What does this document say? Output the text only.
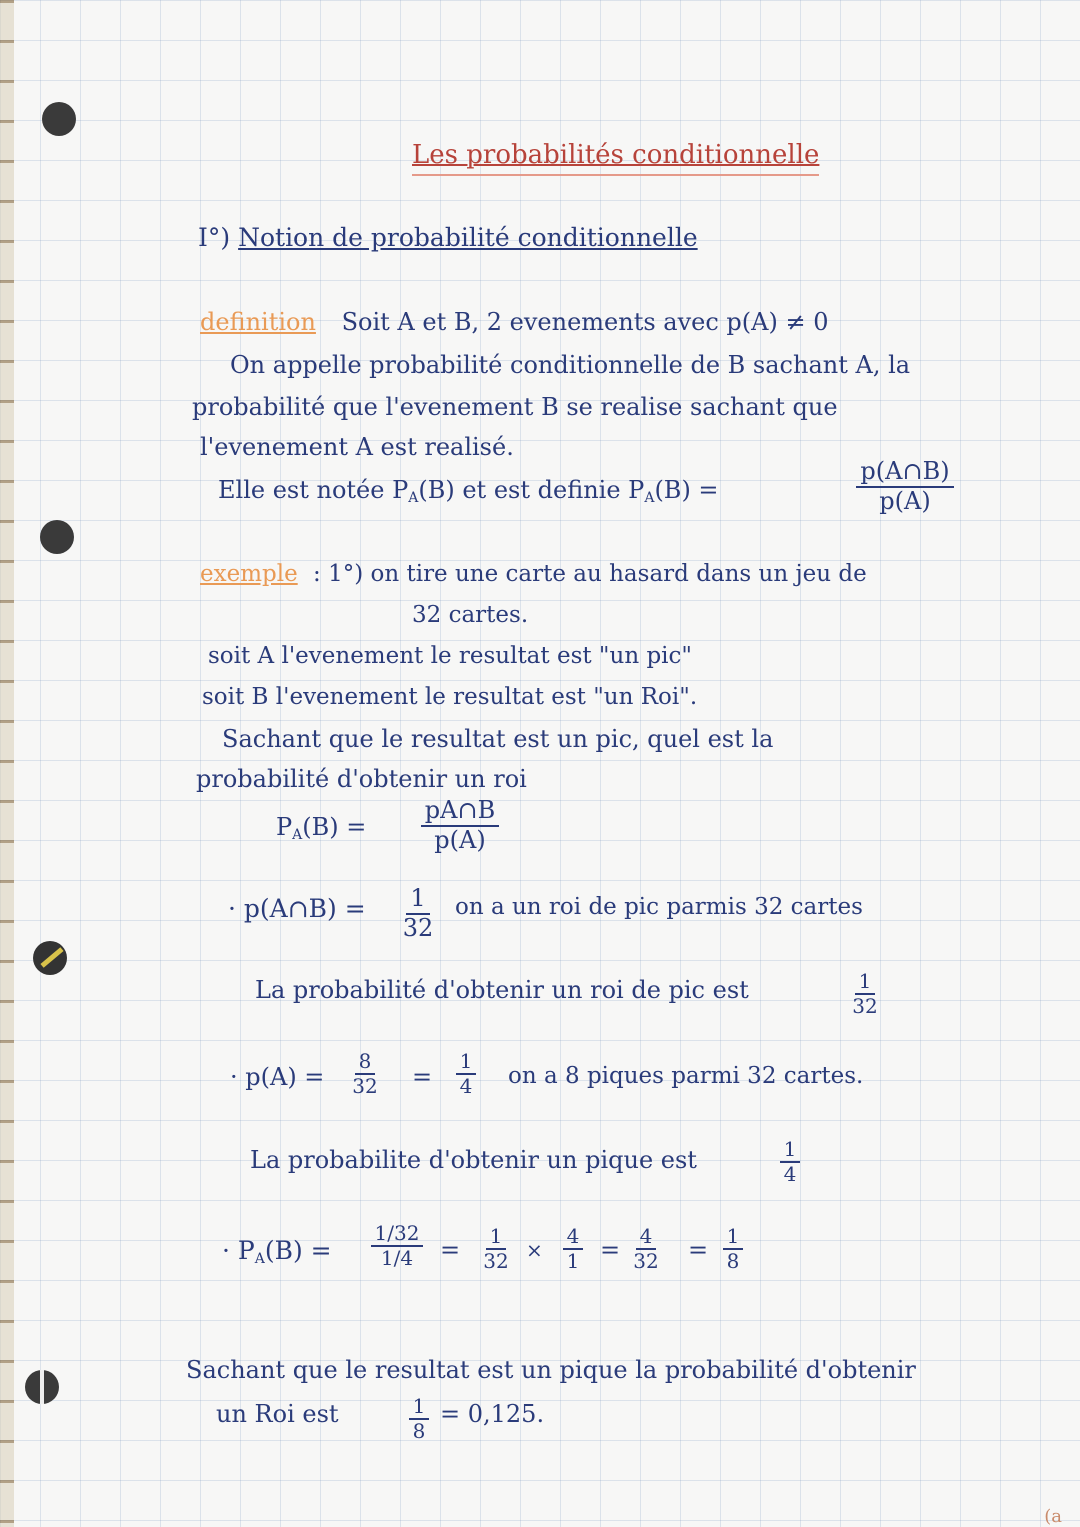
Les probabilités conditionnelle
I°) Notion de probabilité conditionnelle
definition Soit A et B, 2 evenements avec p(A) ≠ 0
On appelle probabilité conditionnelle de B sachant A, la
probabilité que l'evenement B se realise sachant que
l'evenement A est realisé.
Elle est notée $P_A(B)$ et est definie $P_A(B)$ =	$\frac{p(A\cap B)}{p(A)}$
exemple : 1°) on tire une carte au hasard dans un jeu de
32 cartes.
soit A l'evenement le resultat est "un pic"
soit B l'evenement le resultat est "un Roi".
Sachant que le resultat est un pic, quel est la
probabilité d'obtenir un roi
$P_A(B) = \frac{pA\cap B}{p(A)}$
· p(A∩B) = $\frac{1}{32}$ on a un roi de pic parmis 32 cartes
La probabilité d'obtenir un roi de pic est	$\frac{1}{32}$
· $p(A) = \frac{8}{32} = \frac{1}{4}$ on a 8 piques parmi 32 cartes.
La probabilite d'obtenir un pique est	$\frac{1}{4}$
· $P_A(B) = \frac{1/32}{1/4} = \frac{1}{32} \times \frac{4}{1} = \frac{4}{32} = \frac{1}{8}$
Sachant que le resultat est un pique la probabilité d'obtenir
un Roi est	$\frac{1}{8} = 0,125$.
(a
